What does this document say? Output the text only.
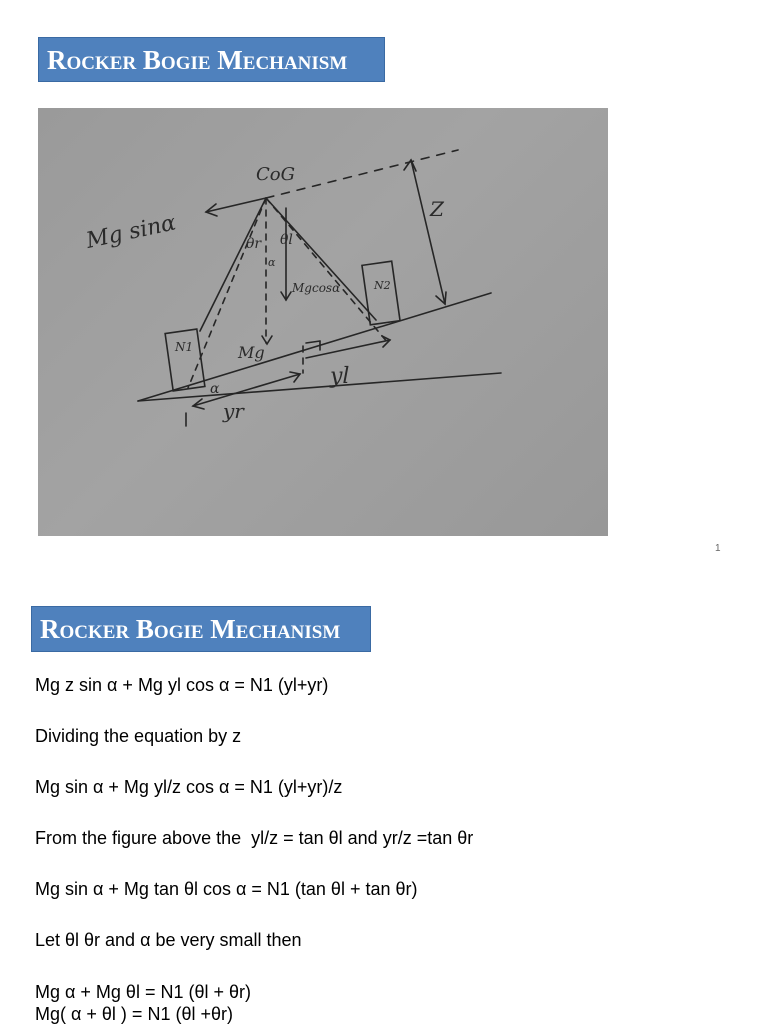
Rocker Bogie Mechanism
CoG
Mg sinα
Z
θr θl
α
Mgcosα	N2
N1	Mg
yl
yr
α
1
Rocker Bogie Mechanism
Mg z sin α + Mg yl cos α = N1 (yl+yr)
Dividing the equation by z
Mg sin α + Mg yl/z cos α = N1 (yl+yr)/z
From the figure above the  yl/z = tan θl and yr/z =tan θr
Mg sin α + Mg tan θl cos α = N1 (tan θl + tan θr)
Let θl θr and α be very small then
Mg α + Mg θl = N1 (θl + θr)
Mg( α + θl ) = N1 (θl +θr)
